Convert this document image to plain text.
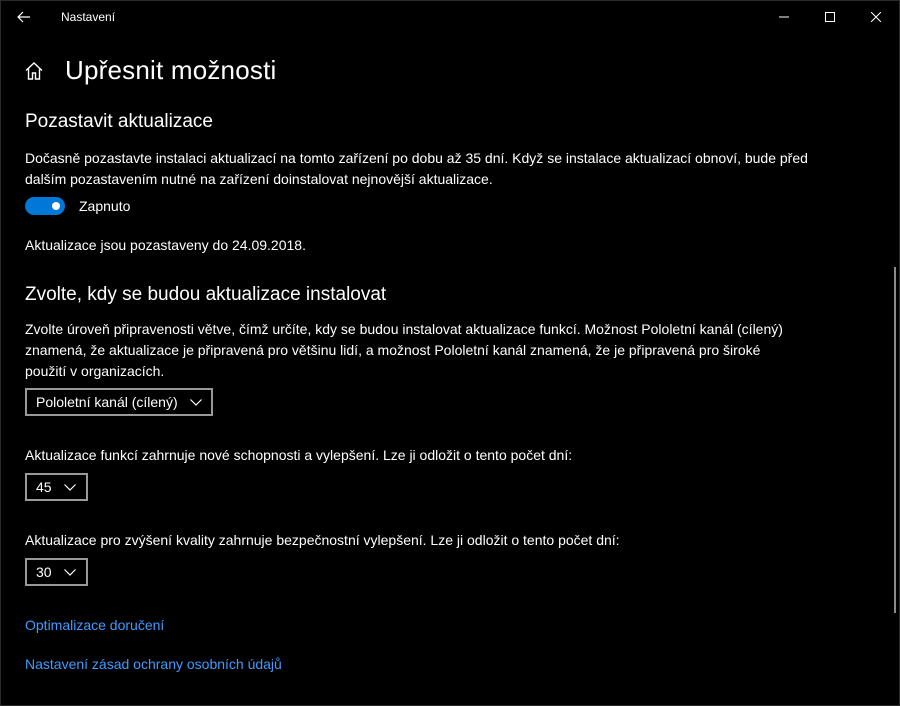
Nastavení
Upřesnit možnosti
Pozastavit aktualizace
Dočasně pozastavte instalaci aktualizací na tomto zařízení po dobu až 35 dní. Když se instalace aktualizací obnoví, bude před dalším pozastavením nutné na zařízení doinstalovat nejnovější aktualizace.
Zapnuto
Aktualizace jsou pozastaveny do 24.09.2018.
Zvolte, kdy se budou aktualizace instalovat
Zvolte úroveň připravenosti větve, čímž určíte, kdy se budou instalovat aktualizace funkcí. Možnost Pololetní kanál (cílený) znamená, že aktualizace je připravená pro většinu lidí, a možnost Pololetní kanál znamená, že je připravená pro široké použití v organizacích.
Pololetní kanál (cílený)
Aktualizace funkcí zahrnuje nové schopnosti a vylepšení. Lze ji odložit o tento počet dní:
45
Aktualizace pro zvýšení kvality zahrnuje bezpečnostní vylepšení. Lze ji odložit o tento počet dní:
30
Optimalizace doručení
Nastavení zásad ochrany osobních údajů
